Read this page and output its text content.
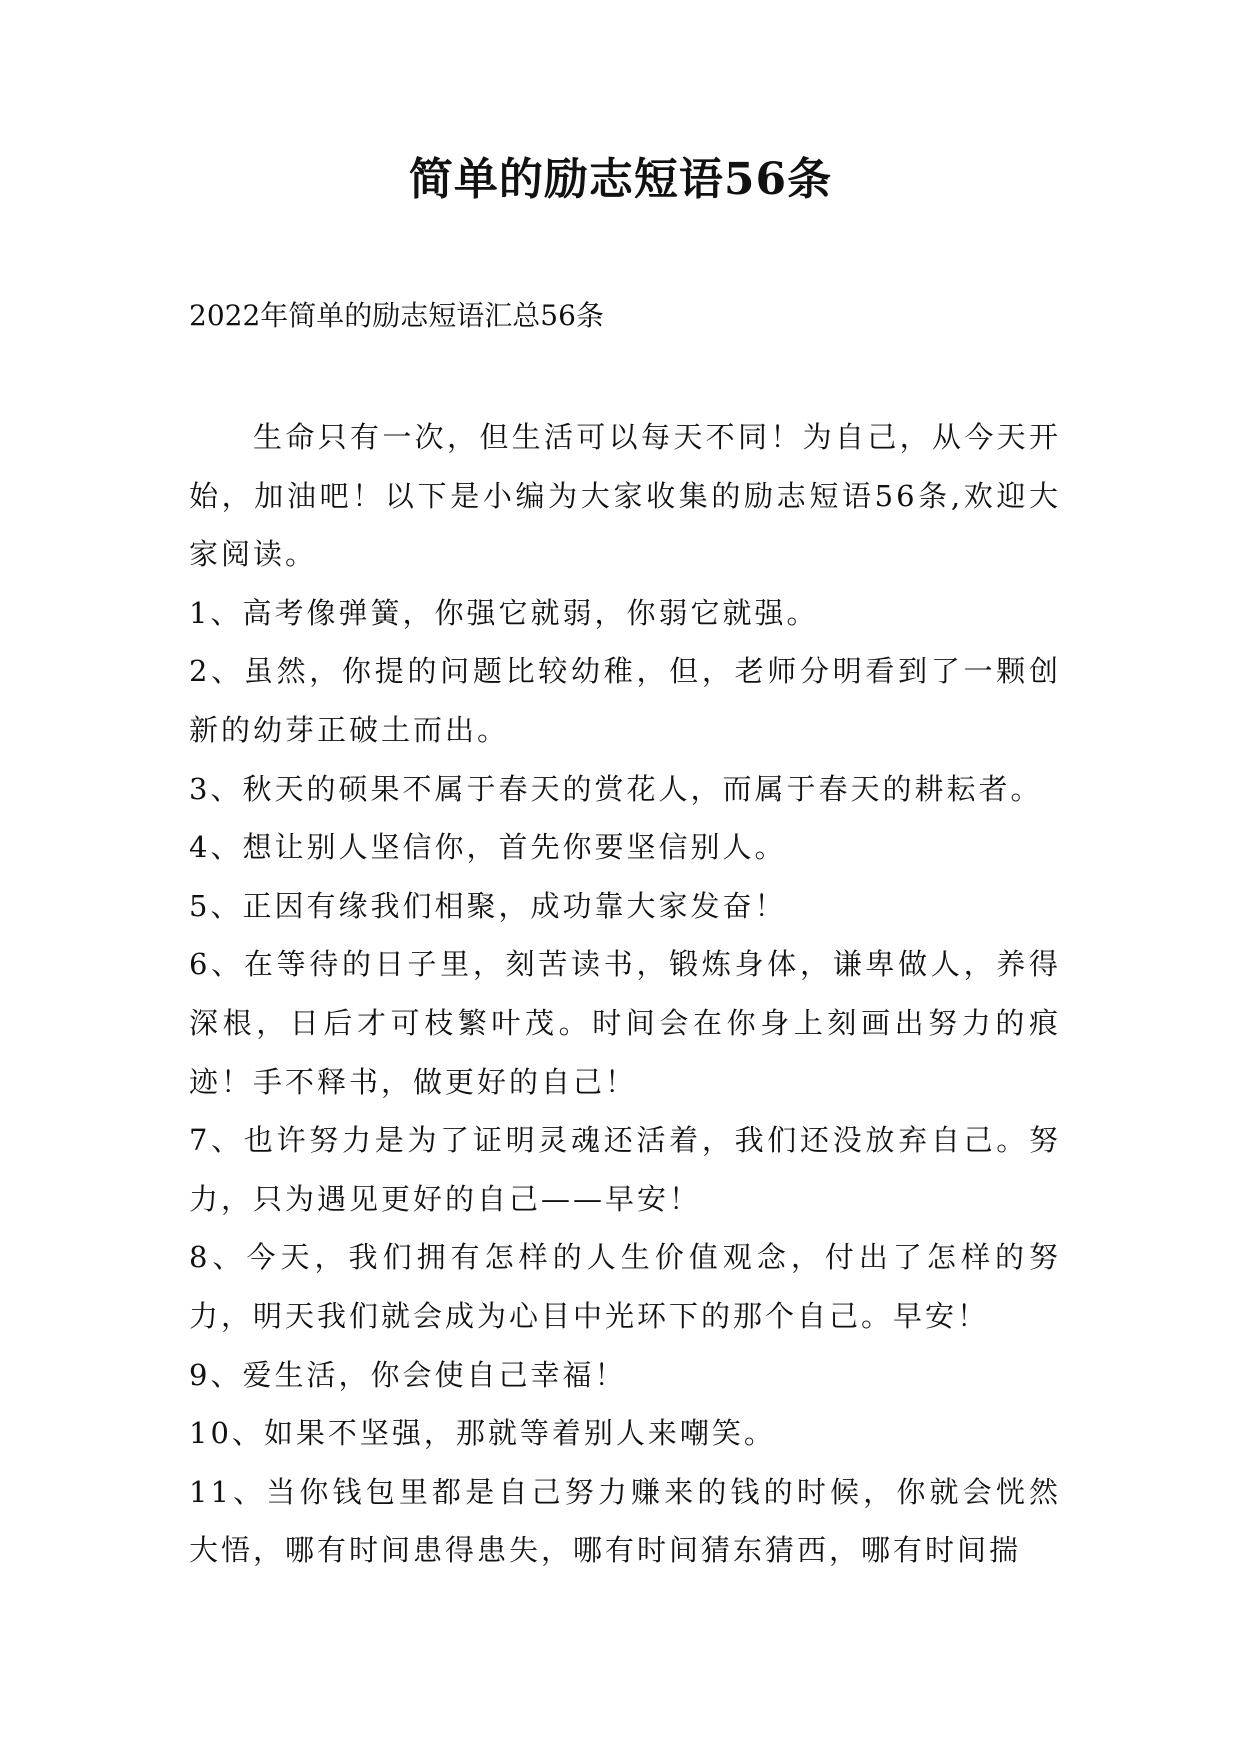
简单的励志短语56条
2022年简单的励志短语汇总56条

生命只有一次，但生活可以每天不同！为自己，从今天开始，加油吧！以下是小编为大家收集的励志短语56条,欢迎大家阅读。

1、高考像弹簧，你强它就弱，你弱它就强。

2、虽然，你提的问题比较幼稚，但，老师分明看到了一颗创新的幼芽正破土而出。

3、秋天的硕果不属于春天的赏花人，而属于春天的耕耘者。

4、想让别人坚信你，首先你要坚信别人。

5、正因有缘我们相聚，成功靠大家发奋！

6、在等待的日子里，刻苦读书，锻炼身体，谦卑做人，养得深根，日后才可枝繁叶茂。时间会在你身上刻画出努力的痕迹！手不释书，做更好的自己！

7、也许努力是为了证明灵魂还活着，我们还没放弃自己。努力，只为遇见更好的自己——早安！

8、今天，我们拥有怎样的人生价值观念，付出了怎样的努力，明天我们就会成为心目中光环下的那个自己。早安！

9、爱生活，你会使自己幸福！

10、如果不坚强，那就等着别人来嘲笑。

11、当你钱包里都是自己努力赚来的钱的时候，你就会恍然大悟，哪有时间患得患失，哪有时间猜东猜西，哪有时间揣
